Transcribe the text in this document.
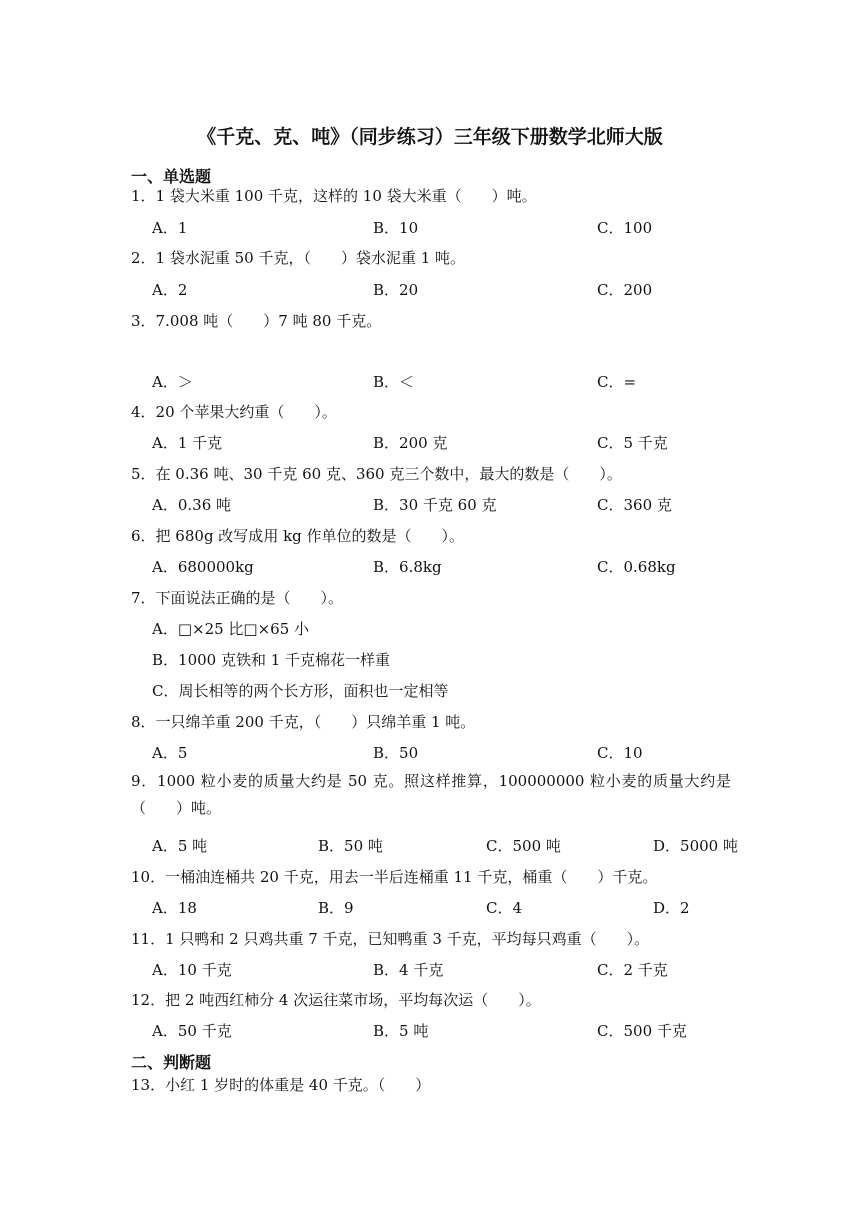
《千克、克、吨》（同步练习）三年级下册数学北师大版
一、单选题
1．1 袋大米重 100 千克，这样的 10 袋大米重（　　）吨。
A．1	B．10	C．100
2．1 袋水泥重 50 千克，（　　）袋水泥重 1 吨。
A．2	B．20	C．200
3．7.008 吨（　　）7 吨 80 千克。
A．＞	B．＜	C．=
4．20 个苹果大约重（　　）。
A．1 千克	B．200 克	C．5 千克
5．在 0.36 吨、30 千克 60 克、360 克三个数中，最大的数是（　　）。
A．0.36 吨	B．30 千克 60 克	C．360 克
6．把 680g 改写成用 kg 作单位的数是（　　）。
A．680000kg	B．6.8kg	C．0.68kg
7．下面说法正确的是（　　）。
A．□×25 比□×65 小
B．1000 克铁和 1 千克棉花一样重
C．周长相等的两个长方形，面积也一定相等
8．一只绵羊重 200 千克，（　　）只绵羊重 1 吨。
A．5	B．50	C．10
9．1000 粒小麦的质量大约是 50 克。照这样推算，100000000 粒小麦的质量大约是（　　）吨。
A．5 吨	B．50 吨	C．500 吨	D．5000 吨
10．一桶油连桶共 20 千克，用去一半后连桶重 11 千克，桶重（　　）千克。
A．18	B．9	C．4	D．2
11．1 只鸭和 2 只鸡共重 7 千克，已知鸭重 3 千克，平均每只鸡重（　　）。
A．10 千克	B．4 千克	C．2 千克
12．把 2 吨西红柿分 4 次运往菜市场，平均每次运（　　）。
A．50 千克	B．5 吨	C．500 千克
二、判断题
13．小红 1 岁时的体重是 40 千克。（　　）
